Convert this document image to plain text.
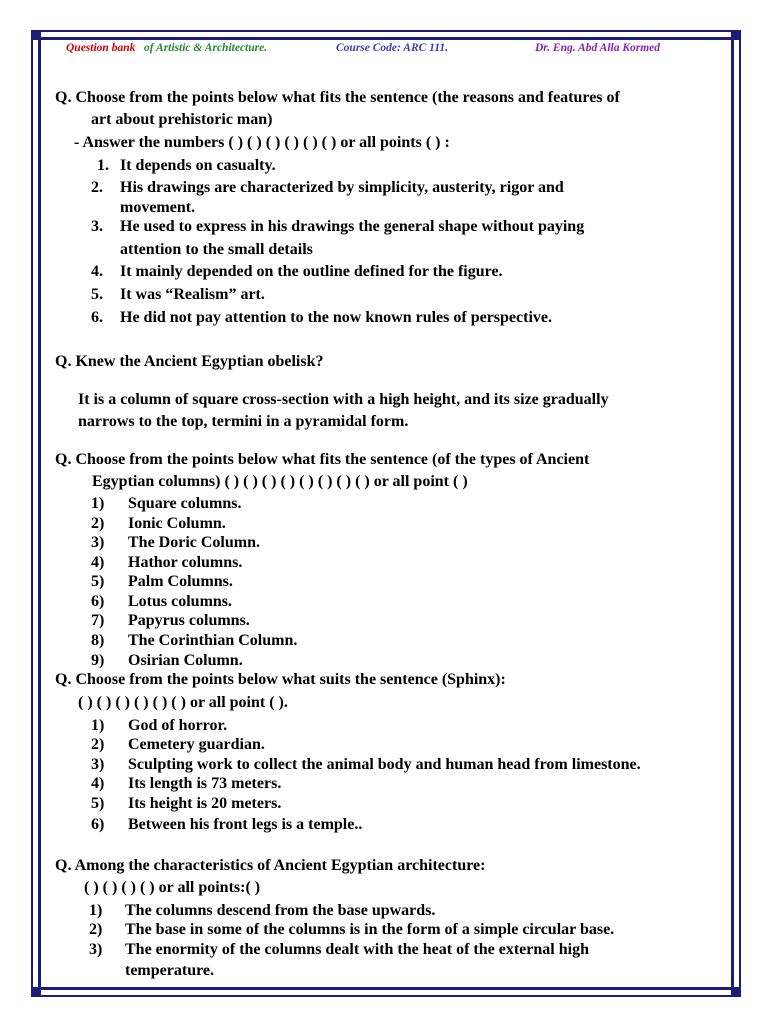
Question bank of Artistic & Architecture.	Course Code: ARC 111.	Dr. Eng. Abd Alla Kormed
Q. Choose from the points below what fits the sentence (the reasons and features of
art about prehistoric man)
- Answer the numbers ( ) ( ) ( ) ( ) ( ) ( ) or all points ( ) :
1. It depends on casualty.
2. His drawings are characterized by simplicity, austerity, rigor and
movement.
3. He used to express in his drawings the general shape without paying
attention to the small details
4. It mainly depended on the outline defined for the figure.
5. It was “Realism” art.
6. He did not pay attention to the now known rules of perspective.
Q. Knew the Ancient Egyptian obelisk?
It is a column of square cross-section with a high height, and its size gradually
narrows to the top, termini in a pyramidal form.
Q. Choose from the points below what fits the sentence (of the types of Ancient
Egyptian columns) ( ) ( ) ( ) ( ) ( ) ( ) ( ) ( ) or all point ( )
1) Square columns.
2) Ionic Column.
3) The Doric Column.
4) Hathor columns.
5) Palm Columns.
6) Lotus columns.
7) Papyrus columns.
8) The Corinthian Column.
9) Osirian Column.
Q. Choose from the points below what suits the sentence (Sphinx):
( ) ( ) ( ) ( ) ( ) ( ) or all point ( ).
1) God of horror.
2) Cemetery guardian.
3) Sculpting work to collect the animal body and human head from limestone.
4) Its length is 73 meters.
5) Its height is 20 meters.
6) Between his front legs is a temple..
Q. Among the characteristics of Ancient Egyptian architecture:
( ) ( ) ( ) ( ) or all points:( )
1) The columns descend from the base upwards.
2) The base in some of the columns is in the form of a simple circular base.
3) The enormity of the columns dealt with the heat of the external high
temperature.
